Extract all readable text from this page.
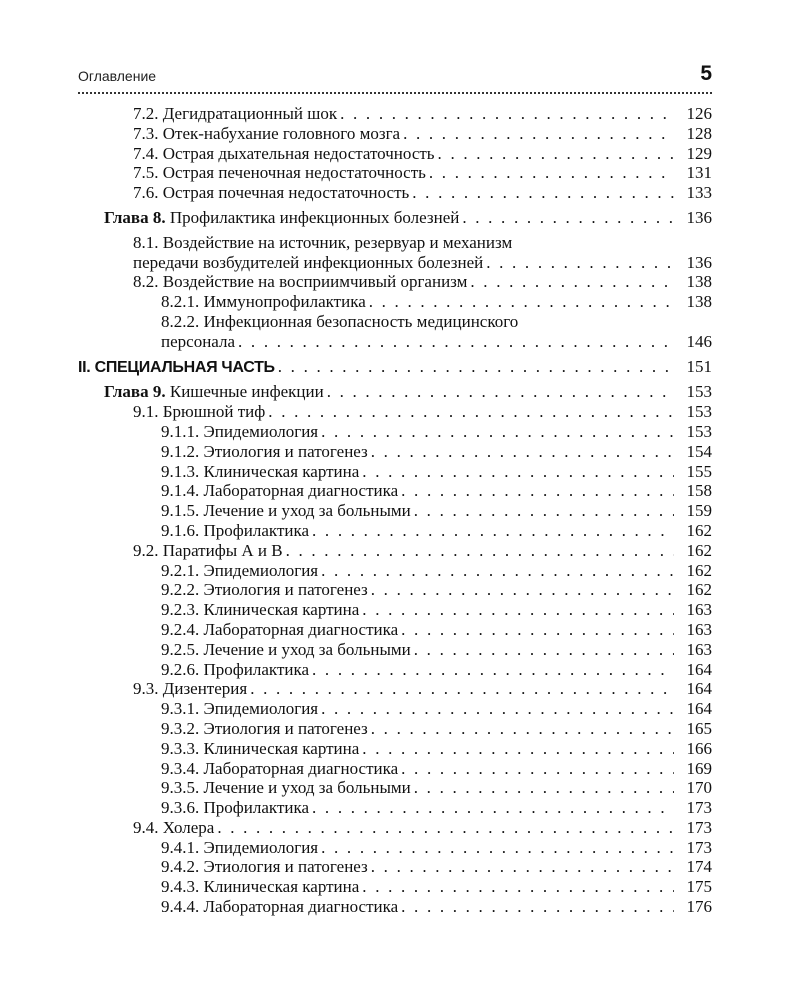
Оглавление	5
7.2. Дегидратационный шок . . .	126
7.3. Отек-набухание головного мозга . . .	128
7.4. Острая дыхательная недостаточность . . .	129
7.5. Острая печеночная недостаточность . . .	131
7.6. Острая почечная недостаточность . . .	133
Глава 8. Профилактика инфекционных болезней . . .	136
8.1. Воздействие на источник, резервуар и механизм
передачи возбудителей инфекционных болезней . . .	136
8.2. Воздействие на восприимчивый организм . . .	138
8.2.1. Иммунопрофилактика . . .	138
8.2.2. Инфекционная безопасность медицинского
персонала . . .	146
II. СПЕЦИАЛЬНАЯ ЧАСТЬ . . .	151
Глава 9. Кишечные инфекции . . .	153
9.1. Брюшной тиф . . .	153
9.1.1. Эпидемиология . . .	153
9.1.2. Этиология и патогенез . . .	154
9.1.3. Клиническая картина . . .	155
9.1.4. Лабораторная диагностика . . .	158
9.1.5. Лечение и уход за больными . . .	159
9.1.6. Профилактика . . .	162
9.2. Паратифы А и В . . .	162
9.2.1. Эпидемиология . . .	162
9.2.2. Этиология и патогенез . . .	162
9.2.3. Клиническая картина . . .	163
9.2.4. Лабораторная диагностика . . .	163
9.2.5. Лечение и уход за больными . . .	163
9.2.6. Профилактика . . .	164
9.3. Дизентерия . . .	164
9.3.1. Эпидемиология . . .	164
9.3.2. Этиология и патогенез . . .	165
9.3.3. Клиническая картина . . .	166
9.3.4. Лабораторная диагностика . . .	169
9.3.5. Лечение и уход за больными . . .	170
9.3.6. Профилактика . . .	173
9.4. Холера . . .	173
9.4.1. Эпидемиология . . .	173
9.4.2. Этиология и патогенез . . .	174
9.4.3. Клиническая картина . . .	175
9.4.4. Лабораторная диагностика . . .	176
